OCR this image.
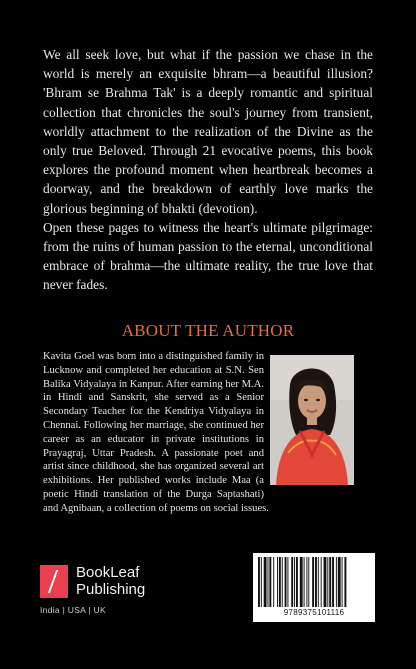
We all seek love, but what if the passion we chase in the world is merely an exquisite bhram—a beautiful illusion? 'Bhram se Brahma Tak' is a deeply romantic and spiritual collection that chronicles the soul's journey from transient, worldly attachment to the realization of the Divine as the only true Beloved. Through 21 evocative poems, this book explores the profound moment when heartbreak becomes a doorway, and the breakdown of earthly love marks the glorious beginning of bhakti (devotion).

Open these pages to witness the heart's ultimate pilgrimage: from the ruins of human passion to the eternal, unconditional embrace of brahma—the ultimate reality, the true love that never fades.

ABOUT THE AUTHOR

Kavita Goel was born into a distinguished family in Lucknow and completed her education at S.N. Sen Balika Vidyalaya in Kanpur. After earning her M.A. in Hindi and Sanskrit, she served as a Senior Secondary Teacher for the Kendriya Vidyalaya in Chennai. Following her marriage, she continued her career as an educator in private institutions in Prayagraj, Uttar Pradesh. A passionate poet and artist since childhood, she has organized several art exhibitions. Her published works include Maa (a poetic Hindi translation of the Durga Saptashati) and Agnibaan, a collection of poems on social issues.

BookLeaf
Publishing
India | USA | UK	9789375101116
